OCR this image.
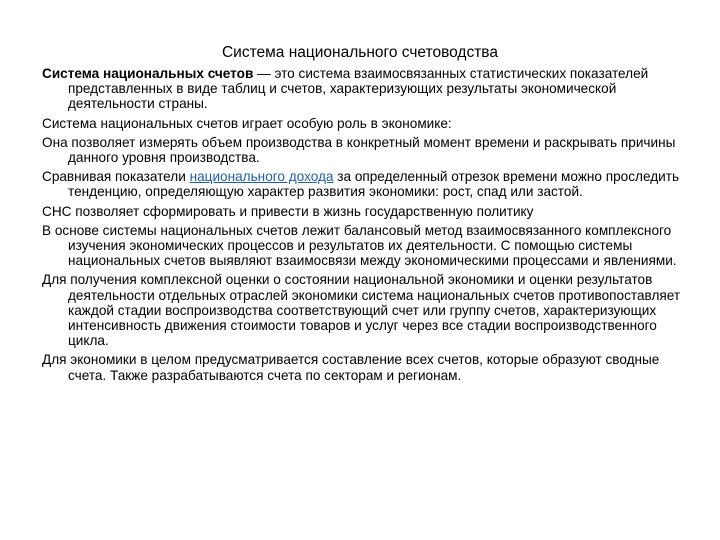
Система национального счетоводства

Система национальных счетов — это система взаимосвязанных статистических показателей представленных в виде таблиц и счетов, характеризующих результаты экономической деятельности страны.

Система национальных счетов играет особую роль в экономике:

Она позволяет измерять объем производства в конкретный момент времени и раскрывать причины данного уровня производства.

Сравнивая показатели национального дохода за определенный отрезок времени можно проследить тенденцию, определяющую характер развития экономики: рост, спад или застой.

СНС позволяет сформировать и привести в жизнь государственную политику

В основе системы национальных счетов лежит балансовый метод взаимосвязанного комплексного изучения экономических процессов и результатов их деятельности. С помощью системы национальных счетов выявляют взаимосвязи между экономическими процессами и явлениями.

Для получения комплексной оценки о состоянии национальной экономики и оценки результатов деятельности отдельных отраслей экономики система национальных счетов противопоставляет каждой стадии воспроизводства соответствующий счет или группу счетов, характеризующих интенсивность движения стоимости товаров и услуг через все стадии воспроизводственного цикла.

Для экономики в целом предусматривается составление всех счетов, которые образуют сводные счета. Также разрабатываются счета по секторам и регионам.
